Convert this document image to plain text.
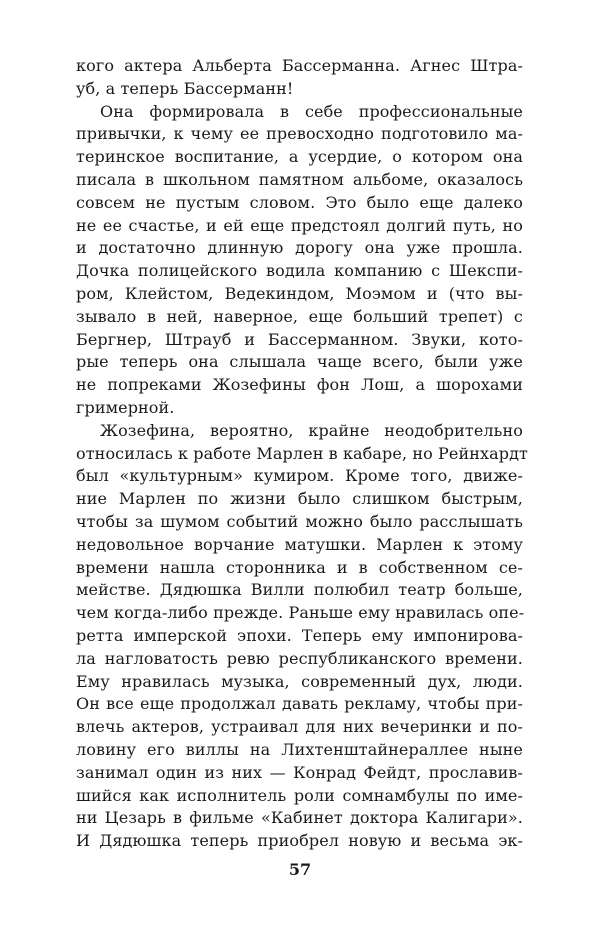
кого актера Альберта Бассерманна. Агнес Штра-
уб, а теперь Бассерманн!
Она формировала в себе профессиональные
привычки, к чему ее превосходно подготовило ма-
теринское воспитание, а усердие, о котором она
писала в школьном памятном альбоме, оказалось
совсем не пустым словом. Это было еще далеко
не ее счастье, и ей еще предстоял долгий путь, но
и достаточно длинную дорогу она уже прошла.
Дочка полицейского водила компанию с Шекспи-
ром, Клейстом, Ведекиндом, Моэмом и (что вы-
зывало в ней, наверное, еще больший трепет) с
Бергнер, Штрауб и Бассерманном. Звуки, кото-
рые теперь она слышала чаще всего, были уже
не попреками Жозефины фон Лош, а шорохами
гримерной.
Жозефина, вероятно, крайне неодобрительно
относилась к работе Марлен в кабаре, но Рейнхардт
был «культурным» кумиром. Кроме того, движе-
ние Марлен по жизни было слишком быстрым,
чтобы за шумом событий можно было расслышать
недовольное ворчание матушки. Марлен к этому
времени нашла сторонника и в собственном се-
мействе. Дядюшка Вилли полюбил театр больше,
чем когда-либо прежде. Раньше ему нравилась опе-
ретта имперской эпохи. Теперь ему импонирова-
ла нагловатость ревю республиканского времени.
Ему нравилась музыка, современный дух, люди.
Он все еще продолжал давать рекламу, чтобы при-
влечь актеров, устраивал для них вечеринки и по-
ловину его виллы на Лихтенштайнераллее ныне
занимал один из них — Конрад Фейдт, прославив-
шийся как исполнитель роли сомнамбулы по име-
ни Цезарь в фильме «Кабинет доктора Калигари».
И Дядюшка теперь приобрел новую и весьма эк-
57
